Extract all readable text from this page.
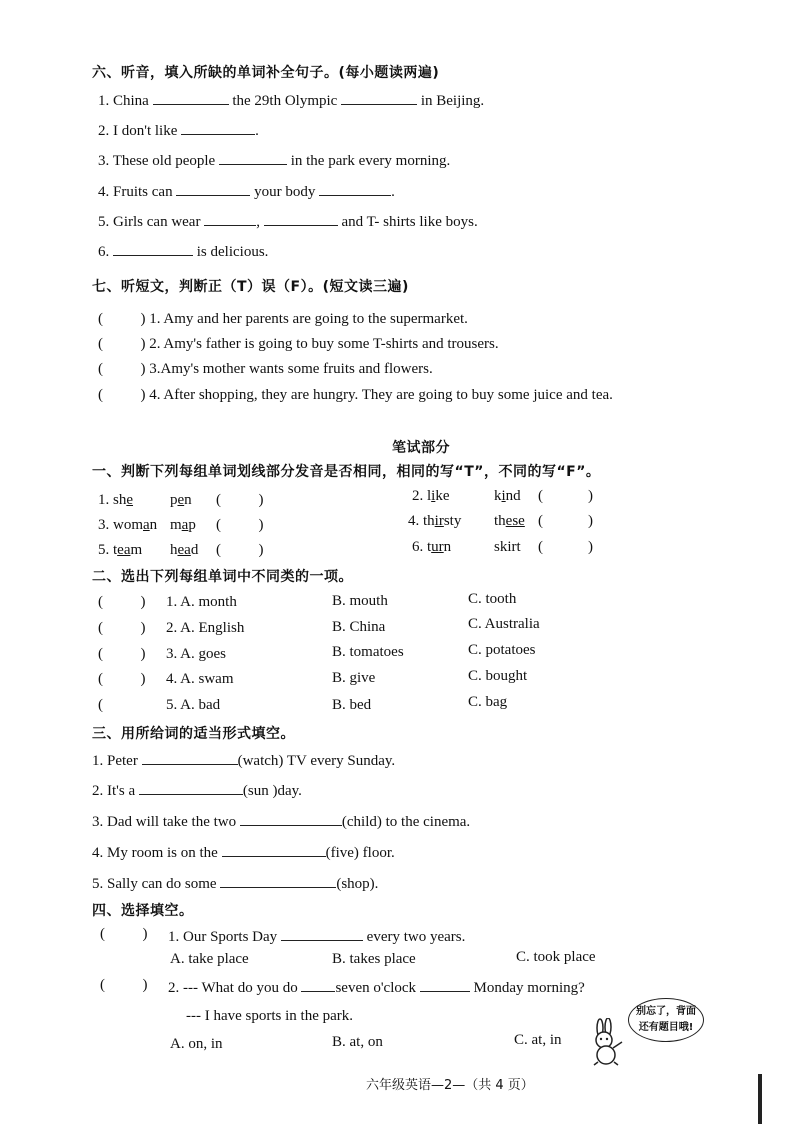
六、听音，填入所缺的单词补全句子。(每小题读两遍)
1. China	the 29th Olympic	in Beijing.
2. I don't like	.
3. These old people	in the park every morning.
4. Fruits can	your body	.
5. Girls can wear	,	and T- shirts like boys.
6.	is delicious.
七、听短文，判断正（T）误（F）。(短文读三遍)
(          ) 1. Amy and her parents are going to the supermarket.
(          ) 2. Amy's father is going to buy some T-shirts and trousers.
(          ) 3.Amy's mother wants some fruits and flowers.
(          ) 4. After shopping, they are hungry. They are going to buy some juice and tea.
笔试部分
一、判断下列每组单词划线部分发音是否相同，相同的写“T”，不同的写“F”。
1. she pen (          )	2. like	kind (            )
3. woman map (          )	4. thirsty these (            )
5. team head (          )	6. turn	skirt (            )
二、选出下列每组单词中不同类的一项。
(          ) 1. A. month	B. mouth	C. tooth
(          ) 2. A. English	B. China	C. Australia
(          ) 3. A. goes	B. tomatoes	C. potatoes
(          ) 4. A. swam	B. give	C. bought
(	5. A. bad	B. bed	C. bag
三、用所给词的适当形式填空。
1. Peter	(watch) TV every Sunday.
2. It's a	(sun )day.
3. Dad will take the two	(child) to the cinema.
4. My room is on the	(five) floor.
5. Sally can do some	(shop).
四、选择填空。
(          ) 1. Our Sports Day	every two years.
A. take place	B. takes place	C. took place
(          ) 2. --- What do you do	seven o'clock	Monday morning?
--- I have sports in the park.
A. on, in	B. at, on	C. at, in
别忘了，背面
还有题目哦!
六年级英语—2—（共 4 页）
